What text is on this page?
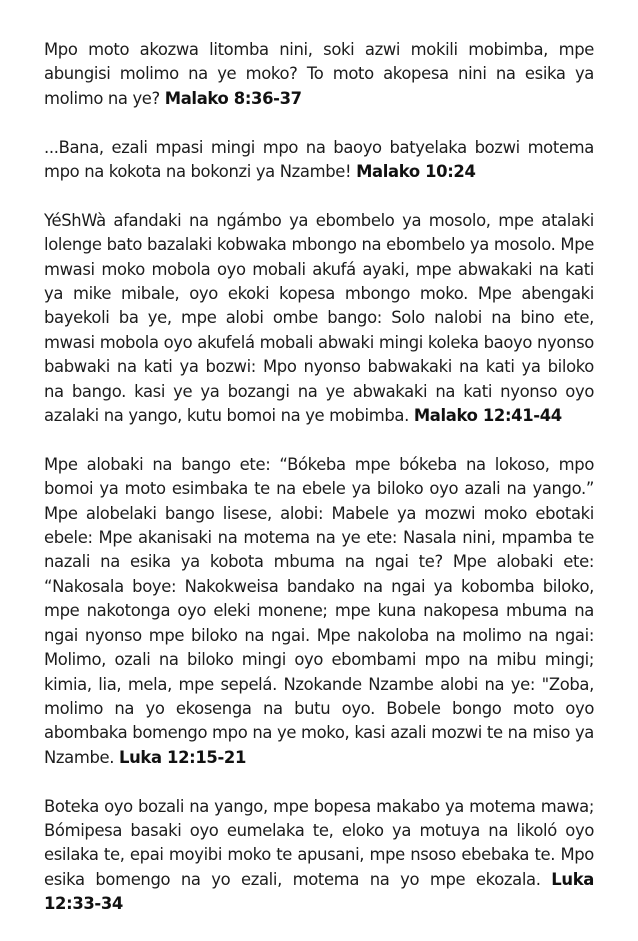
Mpo moto akozwa litomba nini, soki azwi mokili mobimba, mpe abungisi molimo na ye moko? To moto akopesa nini na esika ya molimo na ye? Malako 8:36-37

...Bana, ezali mpasi mingi mpo na baoyo batyelaka bozwi motema mpo na kokota na bokonzi ya Nzambe! Malako 10:24

YéShWà afandaki na ngámbo ya ebombelo ya mosolo, mpe atalaki lolenge bato bazalaki kobwaka mbongo na ebombelo ya mosolo. Mpe mwasi moko mobola oyo mobali akufá ayaki, mpe abwakaki na kati ya mike mibale, oyo ekoki kopesa mbongo moko. Mpe abengaki bayekoli ba ye, mpe alobi ombe bango: Solo nalobi na bino ete, mwasi mobola oyo akufelá mobali abwaki mingi koleka baoyo nyonso babwaki na kati ya bozwi: Mpo nyonso babwakaki na kati ya biloko na bango. kasi ye ya bozangi na ye abwakaki na kati nyonso oyo azalaki na yango, kutu bomoi na ye mobimba. Malako 12:41-44

Mpe alobaki na bango ete: “Bókeba mpe bókeba na lokoso, mpo bomoi ya moto esimbaka te na ebele ya biloko oyo azali na yango.” Mpe alobelaki bango lisese, alobi: Mabele ya mozwi moko ebotaki ebele: Mpe akanisaki na motema na ye ete: Nasala nini, mpamba te nazali na esika ya kobota mbuma na ngai te? Mpe alobaki ete: “Nakosala boye: Nakokweisa bandako na ngai ya kobomba biloko, mpe nakotonga oyo eleki monene; mpe kuna nakopesa mbuma na ngai nyonso mpe biloko na ngai. Mpe nakoloba na molimo na ngai: Molimo, ozali na biloko mingi oyo ebombami mpo na mibu mingi; kimia, lia, mela, mpe sepelá. Nzokande Nzambe alobi na ye: "Zoba, molimo na yo ekosenga na butu oyo. Bobele bongo moto oyo abombaka bomengo mpo na ye moko, kasi azali mozwi te na miso ya Nzambe. Luka 12:15-21

Boteka oyo bozali na yango, mpe bopesa makabo ya motema mawa; Bómipesa basaki oyo eumelaka te, eloko ya motuya na likoló oyo esilaka te, epai moyibi moko te apusani, mpe nsoso ebebaka te. Mpo esika bomengo na yo ezali, motema na yo mpe ekozala. Luka 12:33-34
